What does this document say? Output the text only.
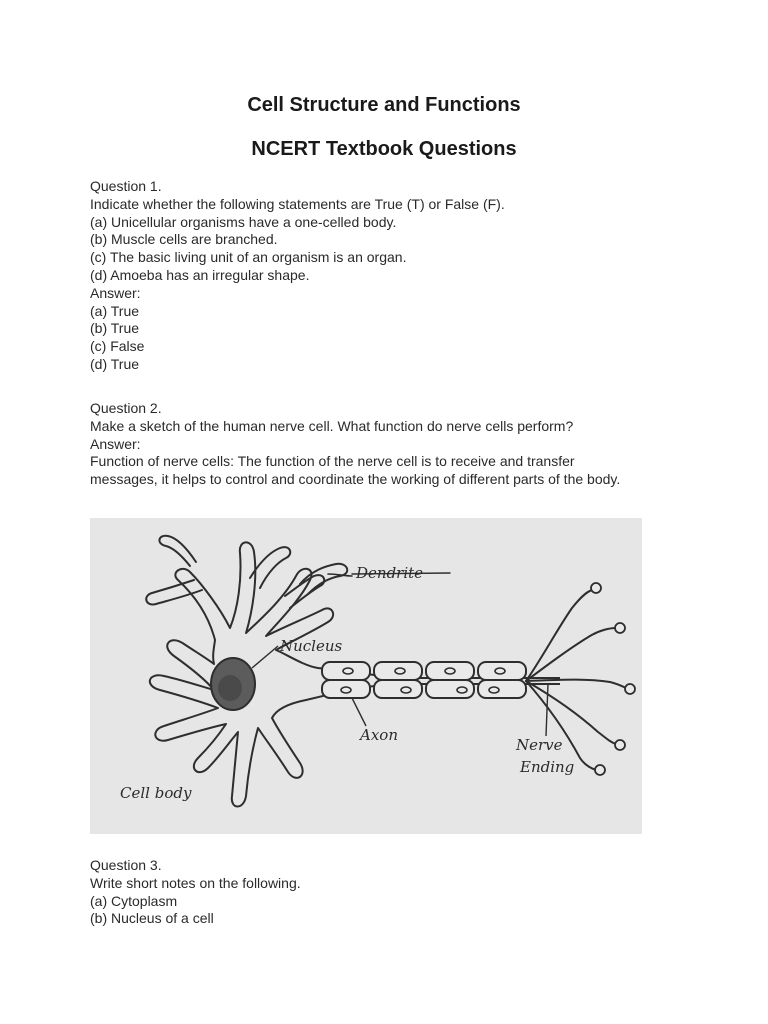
Cell Structure and Functions
NCERT Textbook Questions
Question 1.
Indicate whether the following statements are True (T) or False (F).
(a) Unicellular organisms have a one-celled body.
(b) Muscle cells are branched.
(c) The basic living unit of an organism is an organ.
(d) Amoeba has an irregular shape.
Answer:
(a) True
(b) True
(c) False
(d) True
Question 2.
Make a sketch of the human nerve cell. What function do nerve cells perform?
Answer:
Function of nerve cells: The function of the nerve cell is to receive and transfer
messages, it helps to control and coordinate the working of different parts of the body.
Dendrite
Nucleus
Axon
Nerve
Ending
Cell body
Question 3.
Write short notes on the following.
(a) Cytoplasm
(b) Nucleus of a cell
